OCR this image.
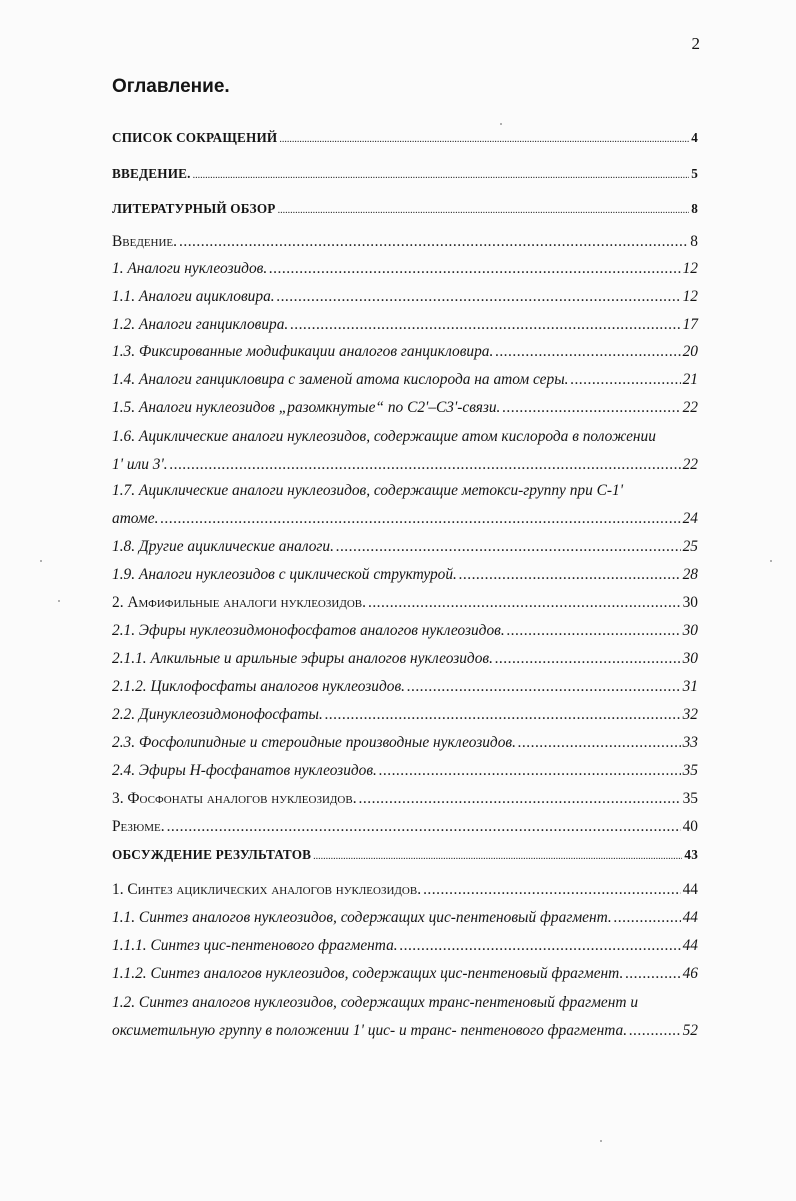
2
Оглавление.
СПИСОК СОКРАЩЕНИЙ .....	4
ВВЕДЕНИЕ. .....	5
ЛИТЕРАТУРНЫЙ ОБЗОР .....	8
Введение. .....	8
1. Аналоги нуклеозидов. .....	12
1.1. Аналоги ацикловира. .....	12
1.2. Аналоги ганцикловира. .....	17
1.3. Фиксированные модификации аналогов ганцикловира. .....	20
1.4. Аналоги ганцикловира с заменой атома кислорода на атом серы. .....	21
1.5. Аналоги нуклеозидов „разомкнутые“ по С2'–С3'-связи. .....	22
1.6. Ациклические аналоги нуклеозидов, содержащие атом кислорода в положении
1' или 3'. .....	22
1.7. Ациклические аналоги нуклеозидов, содержащие метокси-группу при С-1'
атоме. .....	24
1.8. Другие ациклические аналоги. .....	25
1.9. Аналоги нуклеозидов с циклической структурой. .....	28
2. Амфифильные аналоги нуклеозидов. .....	30
2.1. Эфиры нуклеозидмонофосфатов аналогов нуклеозидов. .....	30
2.1.1. Алкильные и арильные эфиры аналогов нуклеозидов. .....	30
2.1.2. Циклофосфаты аналогов нуклеозидов. .....	31
2.2. Динуклеозидмонофосфаты. .....	32
2.3. Фосфолипидные и стероидные производные нуклеозидов. .....	33
2.4. Эфиры Н-фосфанатов нуклеозидов. .....	35
3. Фосфонаты аналогов нуклеозидов. .....	35
Резюме. .....	40
ОБСУЖДЕНИЕ РЕЗУЛЬТАТОВ .....	43
1. Синтез ациклических аналогов нуклеозидов. .....	44
1.1. Синтез аналогов нуклеозидов, содержащих цис-пентеновый фрагмент. .....	44
1.1.1. Синтез цис-пентенового фрагмента. .....	44
1.1.2. Синтез аналогов нуклеозидов, содержащих цис-пентеновый фрагмент. .....	46
1.2. Синтез аналогов нуклеозидов, содержащих транс-пентеновый фрагмент и
оксиметильную группу в положении 1' цис- и транс- пентенового фрагмента. .....	52
